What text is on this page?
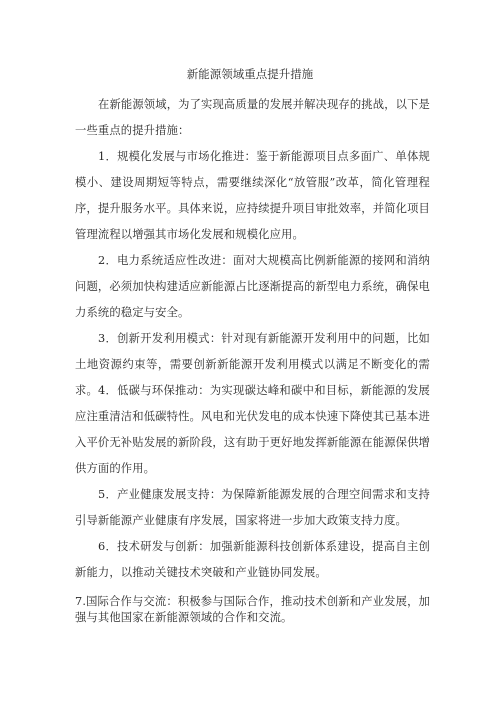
新能源领域重点提升措施
在新能源领域，为了实现高质量的发展并解决现存的挑战，以下是一些重点的提升措施：
1．规模化发展与市场化推进：鉴于新能源项目点多面广、单体规模小、建设周期短等特点，需要继续深化“放管服”改革，简化管理程序，提升服务水平。具体来说，应持续提升项目审批效率，并简化项目管理流程以增强其市场化发展和规模化应用。
2．电力系统适应性改进：面对大规模高比例新能源的接网和消纳问题，必须加快构建适应新能源占比逐渐提高的新型电力系统，确保电力系统的稳定与安全。
3．创新开发利用模式：针对现有新能源开发利用中的问题，比如土地资源约束等，需要创新新能源开发利用模式以满足不断变化的需求。 4．低碳与环保推动：为实现碳达峰和碳中和目标，新能源的发展应注重清洁和低碳特性。风电和光伏发电的成本快速下降使其已基本进入平价无补贴发展的新阶段，这有助于更好地发挥新能源在能源保供增供方面的作用。
5．产业健康发展支持：为保障新能源发展的合理空间需求和支持引导新能源产业健康有序发展，国家将进一步加大政策支持力度。
6．技术研发与创新：加强新能源科技创新体系建设，提高自主创新能力，以推动关键技术突破和产业链协同发展。
7.国际合作与交流：积极参与国际合作，推动技术创新和产业发展，加强与其他国家在新能源领域的合作和交流。
